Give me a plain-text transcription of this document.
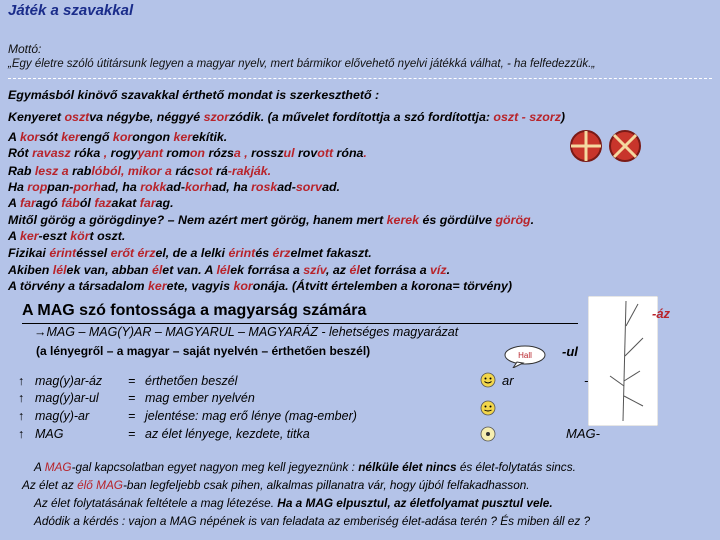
Játék a szavakkal
Mottó:
„Egy életre szóló útitársunk legyen a magyar nyelv, mert bármikor elővehető nyelvi játékká válhat, - ha felfedezzük.„
Egymásból kinövő szavakkal érthető mondat is szerkeszthető :
Kenyeret osztva négybe, néggyé szorzódik. (a művelet fordítottja a szó fordítottja: oszt - szorz)
A korsót kerengő korongon kerekítik.
Rót ravasz róka , rogyyant romon rózsa , rosszul rovott róna.
Rab lesz a rablóból, mikor a rácsot rá-rakják.
Ha roppan-porhad, ha rokkad-korhad, ha roskad-sorvad.
A faragó fából fazakat farag.
Mitől görög a görögdinye? – Nem azért mert görög, hanem mert kerek és gördülve görög.
A ker-eszt kört oszt.
Fizikai érintéssel erőt érzel, de a lelki érintés érzelmet fakaszt.
Akiben lélek van, abban élet van. A lélek forrása a szív, az élet forrása a víz.
A törvény a társadalom kerete, vagyis koronája. (Átvitt értelemben a korona= törvény)
A MAG szó fontossága a magyarság számára
→MAG – MAG(Y)AR – MAGYARUL – MAGYARÁZ - lehetséges magyarázat
(a lényegről – a magyar – saját nyelvén – érthetően beszél)	Hall
-áz
-ul
ar	-
MAG-
↑ mag(y)ar-áz = érthetően beszél
↑ mag(y)ar-ul = mag ember nyelvén
↑ mag(y)-ar	= jelentése: mag erő lénye (mag-ember)
↑ MAG	= az élet lényege, kezdete, titka
A MAG-gal kapcsolatban egyet nagyon meg kell jegyeznünk : nélküle élet nincs és élet-folytatás sincs.
Az élet az élő MAG-ban legfeljebb csak pihen, alkalmas pillanatra vár, hogy újból felfakadhasson.
Az élet folytatásának feltétele a mag létezése. Ha a MAG elpusztul, az életfolyamat pusztul vele.
Adódik a kérdés : vajon a MAG népének is van feladata az emberiség élet-adása terén ? És miben áll ez ?
